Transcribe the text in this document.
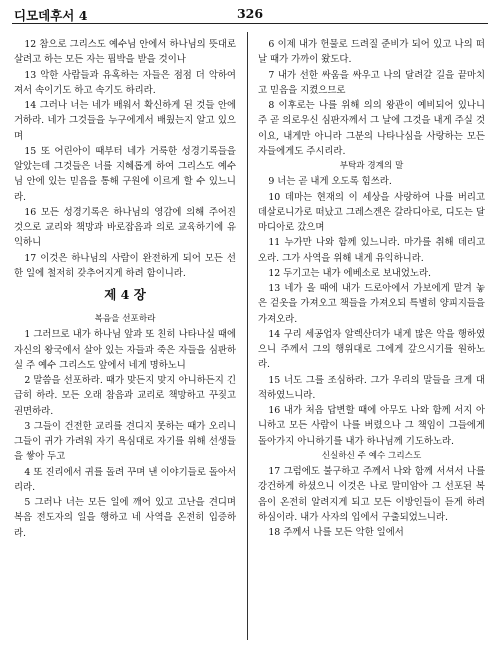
디모데후서 4	326

12 참으로 그리스도 예수님 안에서 하나님의 뜻대로 살려고 하는 모든 자는 핍박을 받을 것이나

13 악한 사람들과 유혹하는 자들은 점점 더 악하여져서 속이기도 하고 속기도 하리라.

14 그러나 너는 네가 배워서 확신하게 된 것들 안에 거하라. 네가 그것들을 누구에게서 배웠는지 알고 있으며

15 또 어린아이 때부터 네가 거룩한 성경기록들을 알았는데 그것들은 너를 지혜롭게 하여 그리스도 예수님 안에 있는 믿음을 통해 구원에 이르게 할 수 있느니라.

16 모든 성경기록은 하나님의 영감에 의해 주어진 것으로 교리와 책망과 바로잡음과 의로 교육하기에 유익하니

17 이것은 하나님의 사람이 완전하게 되어 모든 선한 일에 철저히 갖추어지게 하려 함이니라.

제 4 장

복음을 선포하라

1 그러므로 내가 하나님 앞과 또 친히 나타나실 때에 자신의 왕국에서 살아 있는 자들과 죽은 자들을 심판하실 주 예수 그리스도 앞에서 네게 명하노니

2 말씀을 선포하라. 때가 맞든지 맞지 아니하든지 긴급히 하라. 모든 오래 참음과 교리로 책망하고 꾸짖고 권면하라.

3 그들이 건전한 교리를 견디지 못하는 때가 오리니 그들이 귀가 가려워 자기 욕심대로 자기를 위해 선생들을 쌓아 두고

4 또 진리에서 귀를 돌려 꾸며 낸 이야기들로 돌아서리라.

5 그러나 너는 모든 일에 깨어 있고 고난을 견디며 복음 전도자의 일을 행하고 네 사역을 온전히 입증하라.

6 이제 내가 헌물로 드려질 준비가 되어 있고 나의 떠날 때가 가까이 왔도다.

7 내가 선한 싸움을 싸우고 나의 달려갈 길을 끝마치고 믿음을 지켰으므로

8 이후로는 나를 위해 의의 왕관이 예비되어 있나니 주 곧 의로우신 심판자께서 그 날에 그것을 내게 주실 것이요, 내게만 아니라 그분의 나타나심을 사랑하는 모든 자들에게도 주시리라.

부탁과 경계의 말

9 너는 곧 내게 오도록 힘쓰라.

10 데마는 현재의 이 세상을 사랑하여 나를 버리고 데살로니가로 떠났고 그레스겐은 갈라디아로, 디도는 달마디아로 갔으며

11 누가만 나와 함께 있느니라. 마가를 취해 데리고 오라. 그가 사역을 위해 내게 유익하니라.

12 두기고는 내가 에베소로 보내었노라.

13 네가 올 때에 내가 드로아에서 가보에게 맡겨 놓은 겉옷을 가져오고 책들을 가져오되 특별히 양피지들을 가져오라.

14 구리 세공업자 알렉산더가 내게 많은 악을 행하였으니 주께서 그의 행위대로 그에게 갚으시기를 원하노라.

15 너도 그를 조심하라. 그가 우리의 말들을 크게 대적하였느니라.

16 내가 처음 답변할 때에 아무도 나와 함께 서지 아니하고 모든 사람이 나를 버렸으나 그 책임이 그들에게 돌아가지 아니하기를 내가 하나님께 기도하노라.

신실하신 주 예수 그리스도

17 그럼에도 불구하고 주께서 나와 함께 서셔서 나를 강건하게 하셨으니 이것은 나로 말미암아 그 선포된 복음이 온전히 알려지게 되고 모든 이방인들이 듣게 하려 하심이라. 내가 사자의 입에서 구출되었느니라.

18 주께서 나를 모든 악한 일에서
